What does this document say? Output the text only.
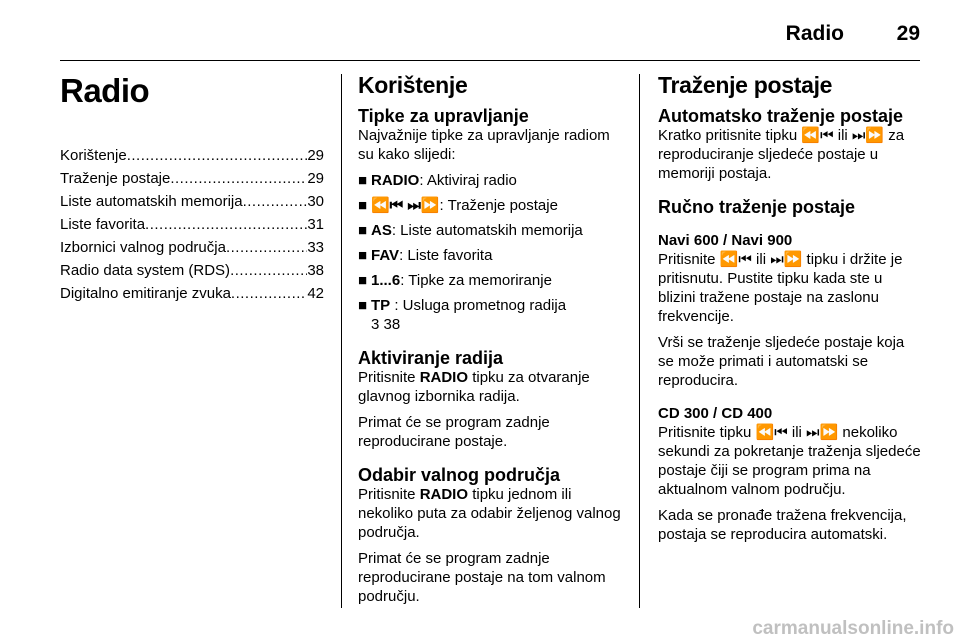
Radio	29
Radio
Korištenje .....	29
Traženje postaje .....	29
Liste automatskih memorija .....	30
Liste favorita .....	31
Izbornici valnog područja .....	33
Radio data system (RDS) .....	38
Digitalno emitiranje zvuka .....	42
Korištenje
Tipke za upravljanje

Najvažnije tipke za upravljanje radiom su kako slijedi:

■ RADIO: Aktiviraj radio
■ ⏪⏮ ⏭⏩: Traženje postaje
■ AS: Liste automatskih memorija
■ FAV: Liste favorita
■ 1...6: Tipke za memoriranje
■ TP : Usluga prometnog radija
3 38
Aktiviranje radija

Pritisnite RADIO tipku za otvaranje glavnog izbornika radija.

Primat će se program zadnje reproducirane postaje.

Odabir valnog područja

Pritisnite RADIO tipku jednom ili nekoliko puta za odabir željenog valnog područja.

Primat će se program zadnje reproducirane postaje na tom valnom području.

Traženje postaje
Automatsko traženje postaje

Kratko pritisnite tipku ⏪⏮ ili ⏭⏩ za reproduciranje sljedeće postaje u memoriji postaja.

Ručno traženje postaje
Navi 600 / Navi 900

Pritisnite ⏪⏮ ili ⏭⏩ tipku i držite je pritisnutu. Pustite tipku kada ste u blizini tražene postaje na zaslonu frekvencije.

Vrši se traženje sljedeće postaje koja se može primati i automatski se reproducira.

CD 300 / CD 400

Pritisnite tipku ⏪⏮ ili ⏭⏩ nekoliko sekundi za pokretanje traženja sljedeće postaje čiji se program prima na aktualnom valnom području.

Kada se pronađe tražena frekvencija, postaja se reproducira automatski.

carmanualsonline.info
